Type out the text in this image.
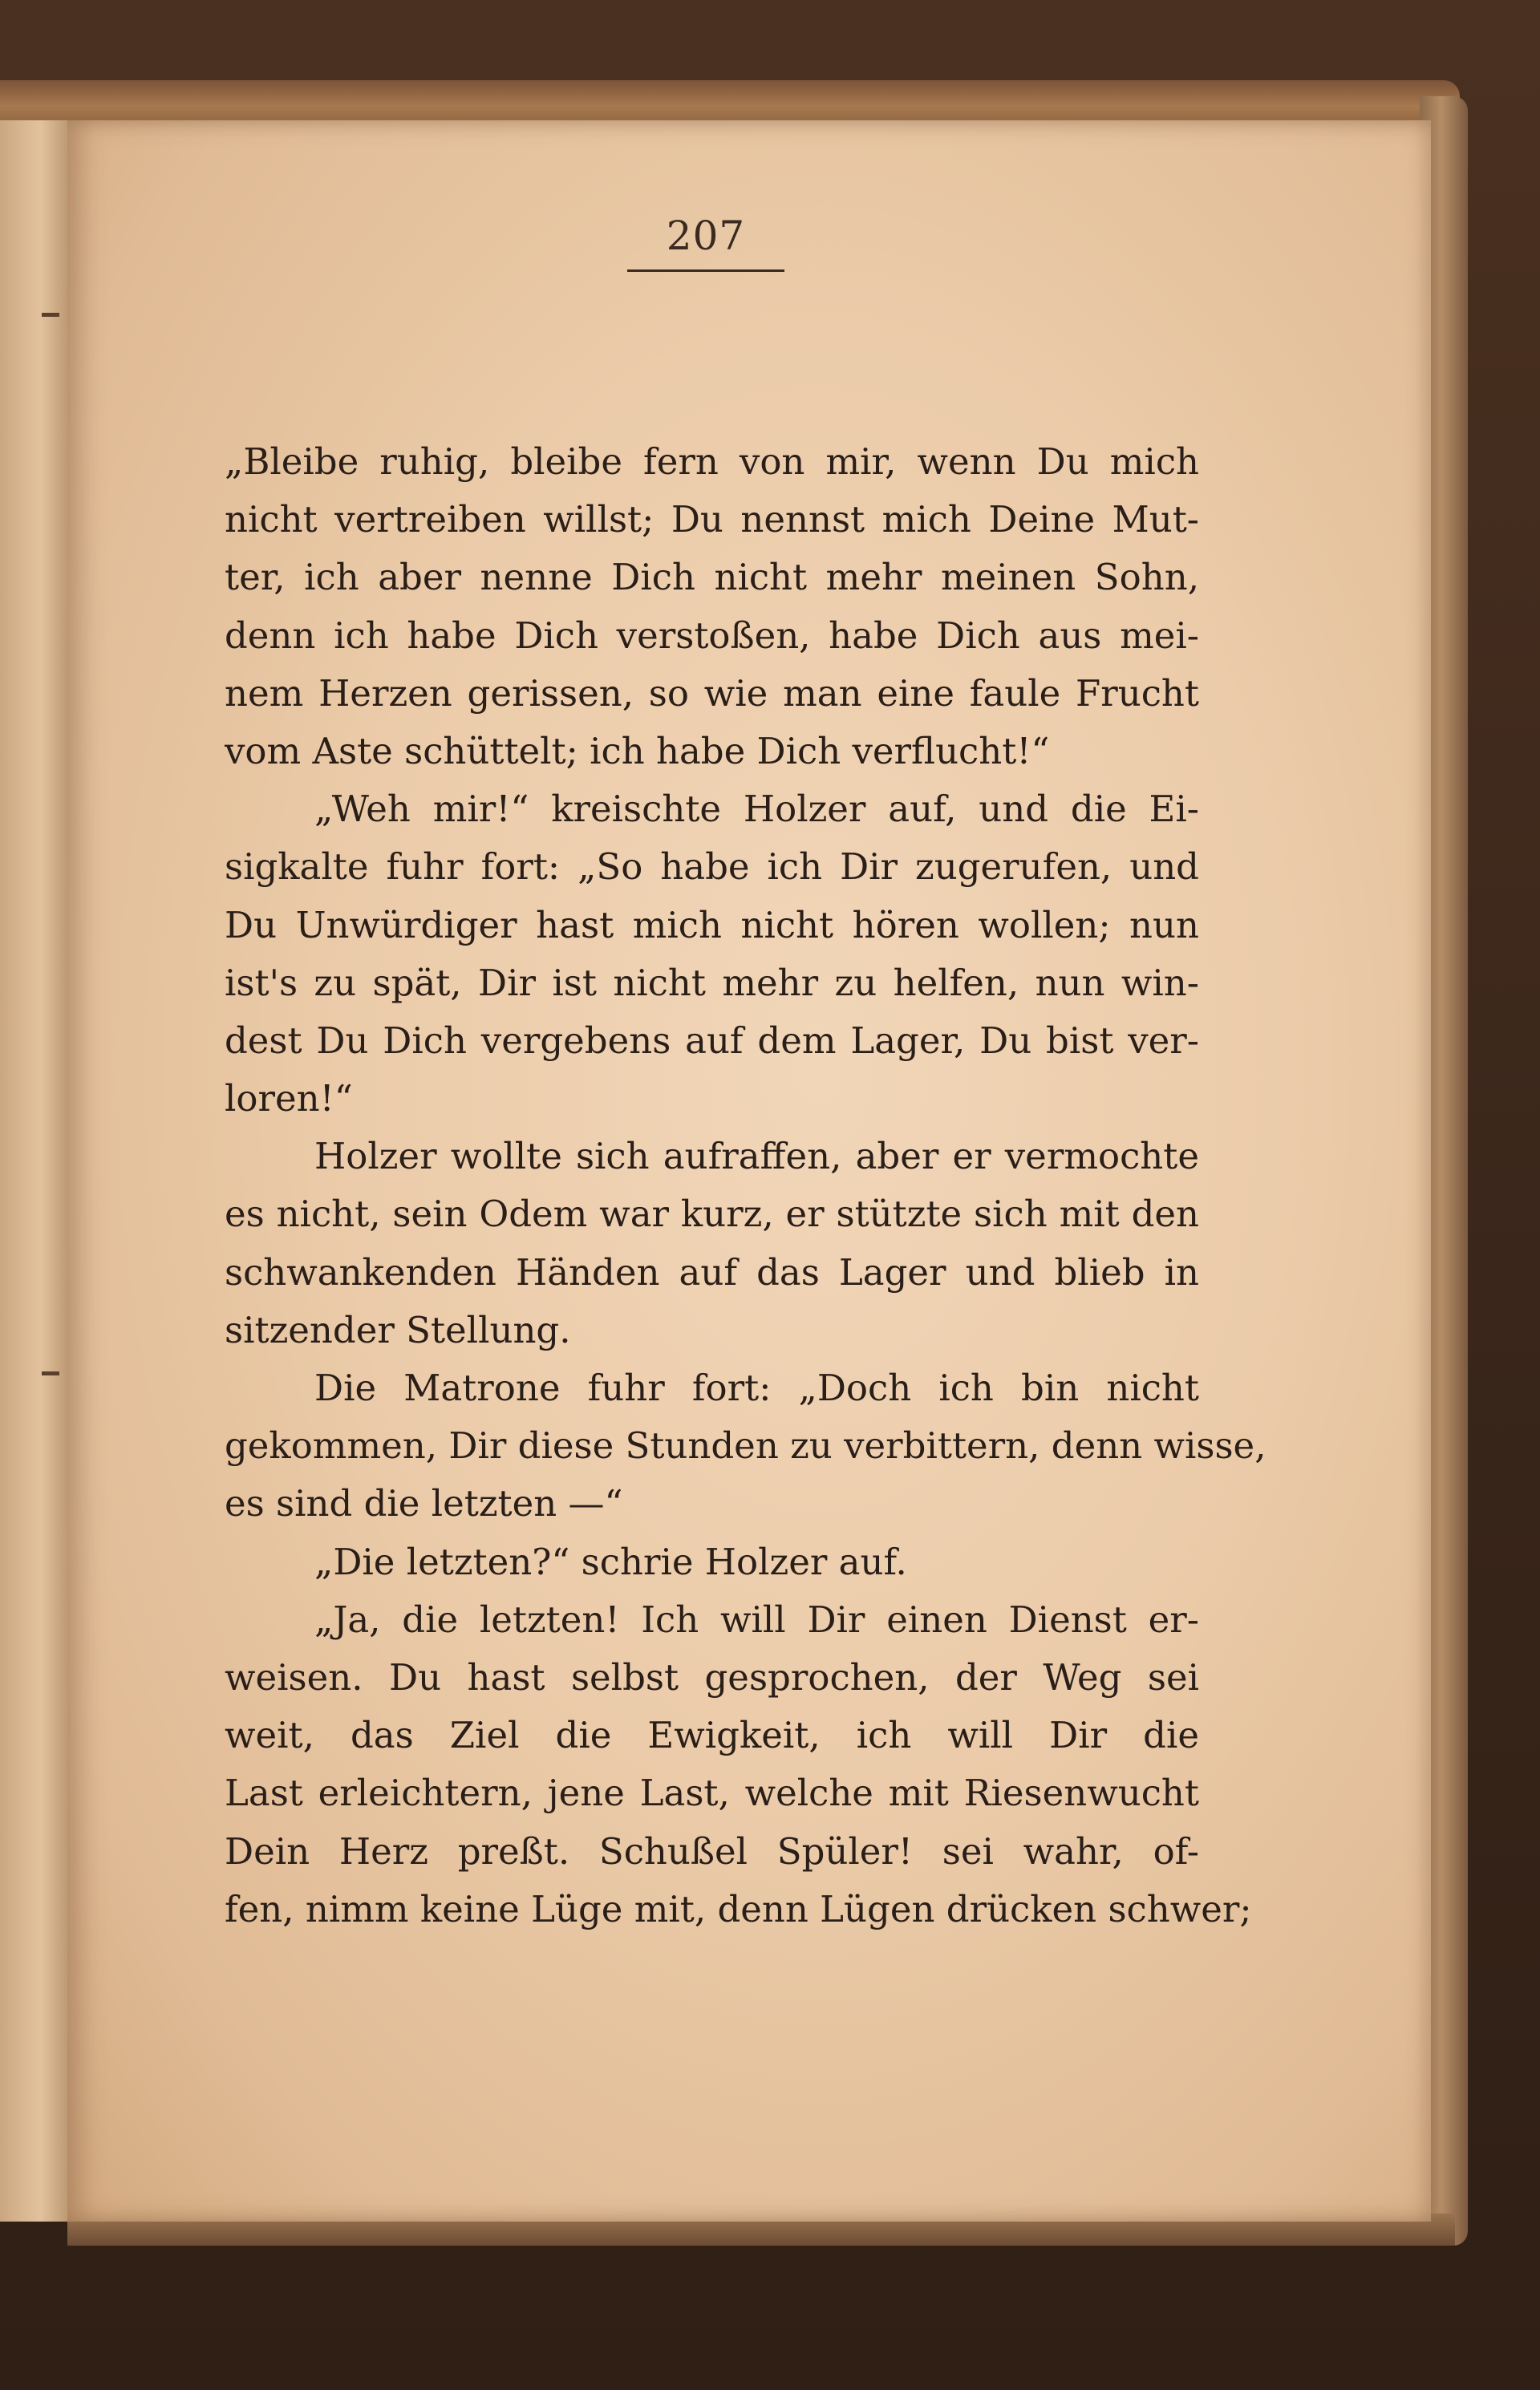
207
„Bleibe ruhig, bleibe fern von mir, wenn Du mich
nicht vertreiben willst; Du nennst mich Deine Mut-
ter, ich aber nenne Dich nicht mehr meinen Sohn,
denn ich habe Dich verstoßen, habe Dich aus mei-
nem Herzen gerissen, so wie man eine faule Frucht
vom Aste schüttelt; ich habe Dich verflucht!“
„Weh mir!“ kreischte Holzer auf, und die Ei-
sigkalte fuhr fort: „So habe ich Dir zugerufen, und
Du Unwürdiger hast mich nicht hören wollen; nun
ist's zu spät, Dir ist nicht mehr zu helfen, nun win-
dest Du Dich vergebens auf dem Lager, Du bist ver-
loren!“
Holzer wollte sich aufraffen, aber er vermochte
es nicht, sein Odem war kurz, er stützte sich mit den
schwankenden Händen auf das Lager und blieb in
sitzender Stellung.
Die Matrone fuhr fort: „Doch ich bin nicht
gekommen, Dir diese Stunden zu verbittern, denn wisse,
es sind die letzten —“
„Die letzten?“ schrie Holzer auf.
„Ja, die letzten! Ich will Dir einen Dienst er-
weisen. Du hast selbst gesprochen, der Weg sei
weit, das Ziel die Ewigkeit, ich will Dir die
Last erleichtern, jene Last, welche mit Riesenwucht
Dein Herz preßt. Schußel Spüler! sei wahr, of-
fen, nimm keine Lüge mit, denn Lügen drücken schwer;
